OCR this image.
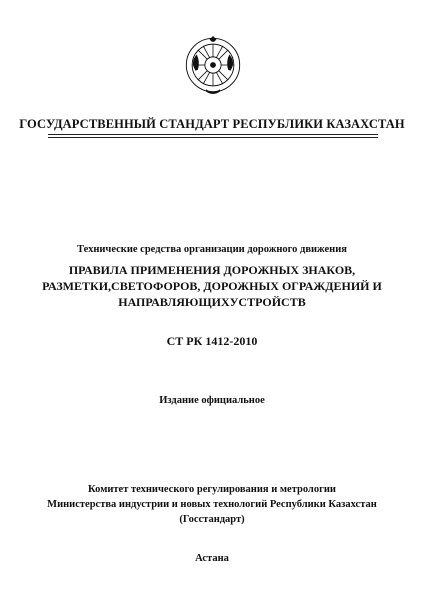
ГОСУДАРСТВЕННЫЙ СТАНДАРТ РЕСПУБЛИКИ КАЗАХСТАН
Технические средства организации дорожного движения
ПРАВИЛА ПРИМЕНЕНИЯ ДОРОЖНЫХ ЗНАКОВ,
РАЗМЕТКИ,СВЕТОФОРОВ, ДОРОЖНЫХ ОГРАЖДЕНИЙ И
НАПРАВЛЯЮЩИХУСТРОЙСТВ
СТ РК 1412-2010
Издание официальное
Комитет технического регулирования и метрологии
Министерства индустрии и новых технологий Республики Казахстан
(Госстандарт)
Астана
